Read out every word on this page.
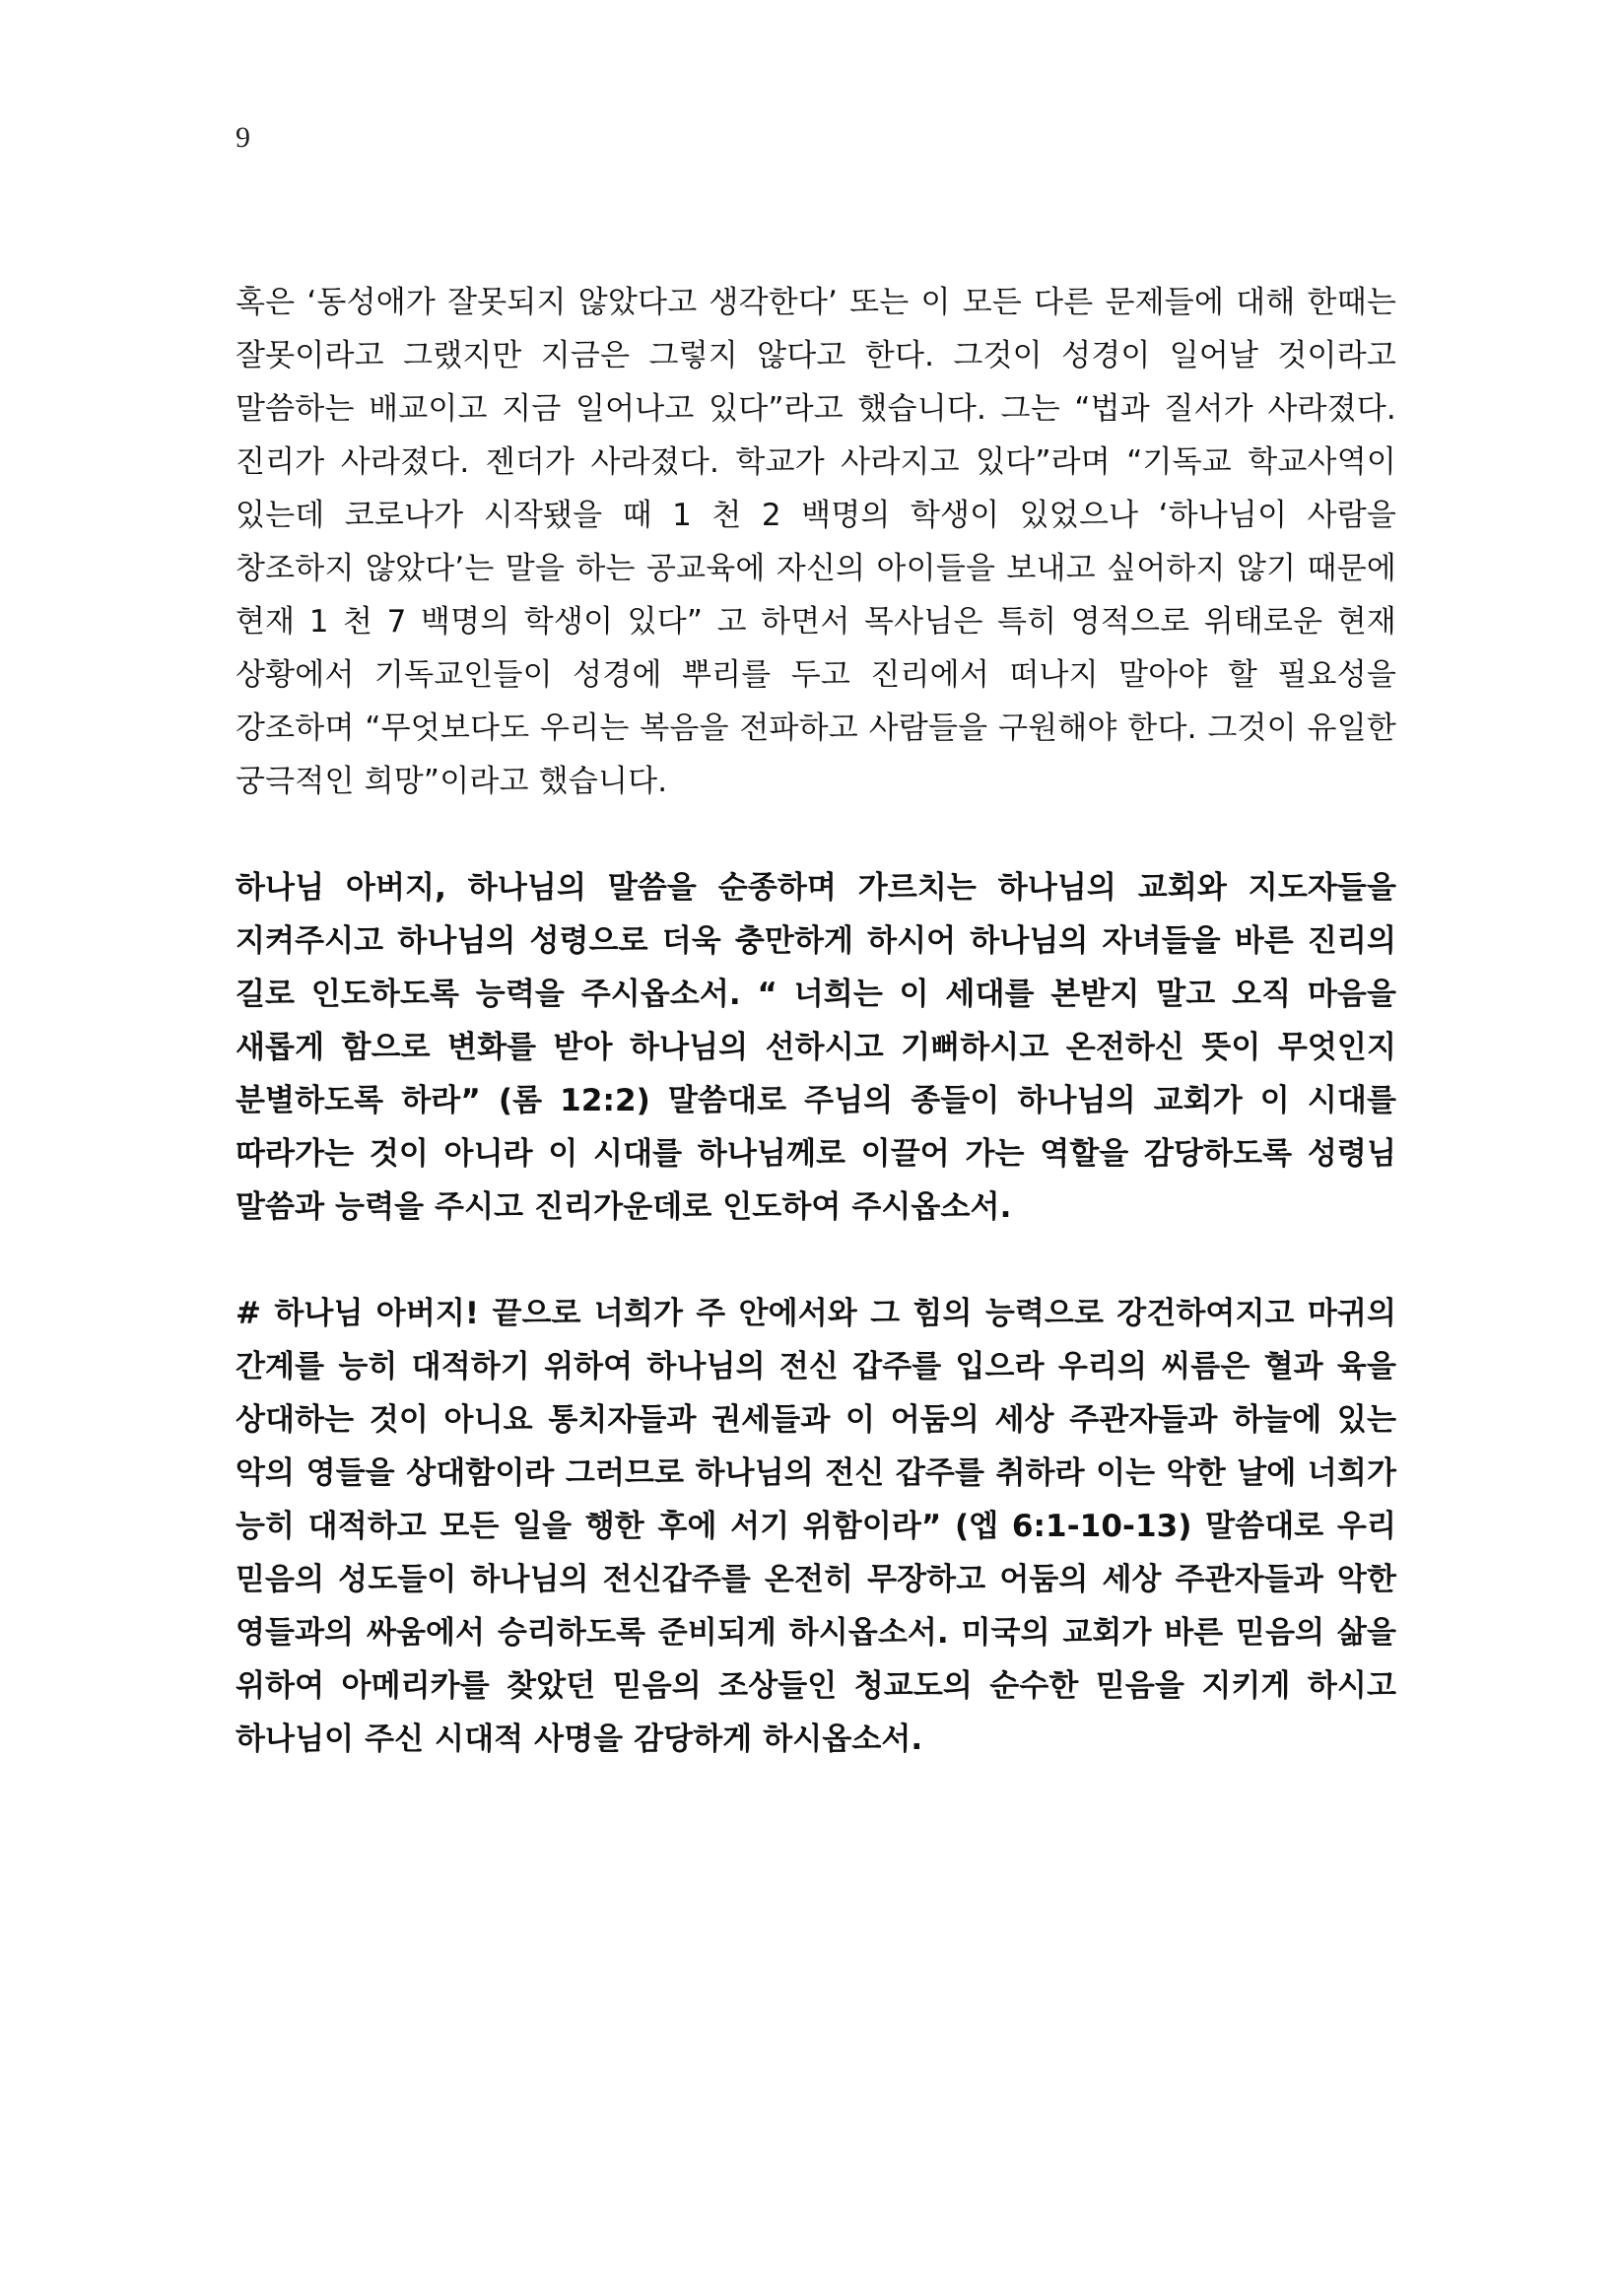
9

혹은 ‘동성애가 잘못되지 않았다고 생각한다’ 또는 이 모든 다른 문제들에 대해 한때는 잘못이라고 그랬지만 지금은 그렇지 않다고 한다. 그것이 성경이 일어날 것이라고 말씀하는 배교이고 지금 일어나고 있다”라고 했습니다. 그는 “법과 질서가 사라졌다. 진리가 사라졌다. 젠더가 사라졌다. 학교가 사라지고 있다”라며 “기독교 학교사역이 있는데 코로나가 시작됐을 때 1 천 2 백명의 학생이 있었으나 ‘하나님이 사람을 창조하지 않았다’는 말을 하는 공교육에 자신의 아이들을 보내고 싶어하지 않기 때문에 현재 1 천 7 백명의 학생이 있다” 고 하면서 목사님은 특히 영적으로 위태로운 현재 상황에서 기독교인들이 성경에 뿌리를 두고 진리에서 떠나지 말아야 할 필요성을 강조하며 “무엇보다도 우리는 복음을 전파하고 사람들을 구원해야 한다. 그것이 유일한 궁극적인 희망”이라고 했습니다.

하나님 아버지, 하나님의 말씀을 순종하며 가르치는 하나님의 교회와 지도자들을 지켜주시고 하나님의 성령으로 더욱 충만하게 하시어 하나님의 자녀들을 바른 진리의 길로 인도하도록 능력을 주시옵소서. “ 너희는 이 세대를 본받지 말고 오직 마음을 새롭게 함으로 변화를 받아 하나님의 선하시고 기뻐하시고 온전하신 뜻이 무엇인지 분별하도록 하라” (롬 12:2) 말씀대로 주님의 종들이 하나님의 교회가 이 시대를 따라가는 것이 아니라 이 시대를 하나님께로 이끌어 가는 역할을 감당하도록 성령님 말씀과 능력을 주시고 진리가운데로 인도하여 주시옵소서.

# 하나님 아버지! 끝으로 너희가 주 안에서와 그 힘의 능력으로 강건하여지고 마귀의 간계를 능히 대적하기 위하여 하나님의 전신 갑주를 입으라 우리의 씨름은 혈과 육을 상대하는 것이 아니요 통치자들과 권세들과 이 어둠의 세상 주관자들과 하늘에 있는 악의 영들을 상대함이라 그러므로 하나님의 전신 갑주를 취하라 이는 악한 날에 너희가 능히 대적하고 모든 일을 행한 후에 서기 위함이라” (엡 6:1-10-13) 말씀대로 우리 믿음의 성도들이 하나님의 전신갑주를 온전히 무장하고 어둠의 세상 주관자들과 악한 영들과의 싸움에서 승리하도록 준비되게 하시옵소서. 미국의 교회가 바른 믿음의 삶을 위하여 아메리카를 찾았던 믿음의 조상들인 청교도의 순수한 믿음을 지키게 하시고 하나님이 주신 시대적 사명을 감당하게 하시옵소서.
